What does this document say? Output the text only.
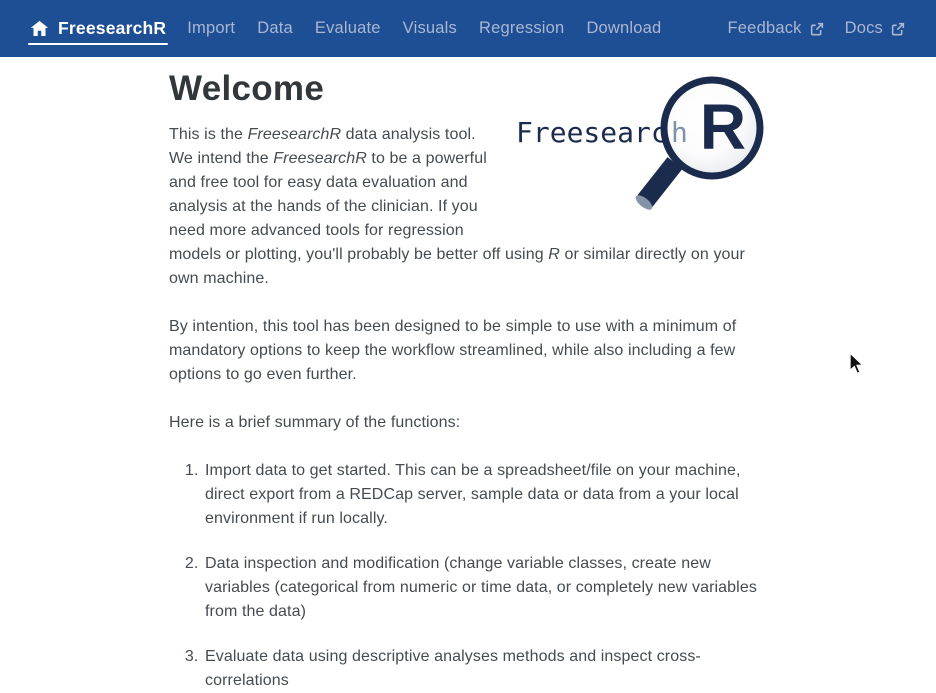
FreesearchR	Import	Data	Evaluate	Visuals	Regression	Download	Feedback	Docs
Freesearc h R
Welcome

This is the FreesearchR data analysis tool. We intend the FreesearchR to be a powerful and free tool for easy data evaluation and analysis at the hands of the clinician. If you need more advanced tools for regression models or plotting, you'll probably be better off using R or similar directly on your own machine.

By intention, this tool has been designed to be simple to use with a minimum of mandatory options to keep the workflow streamlined, while also including a few options to go even further.

Here is a brief summary of the functions:

1. Import data to get started. This can be a spreadsheet/file on your machine, direct export from a REDCap server, sample data or data from a your local environment if run locally.
2. Data inspection and modification (change variable classes, create new variables (categorical from numeric or time data, or completely new variables from the data)
3. Evaluate data using descriptive analyses methods and inspect cross-correlations
